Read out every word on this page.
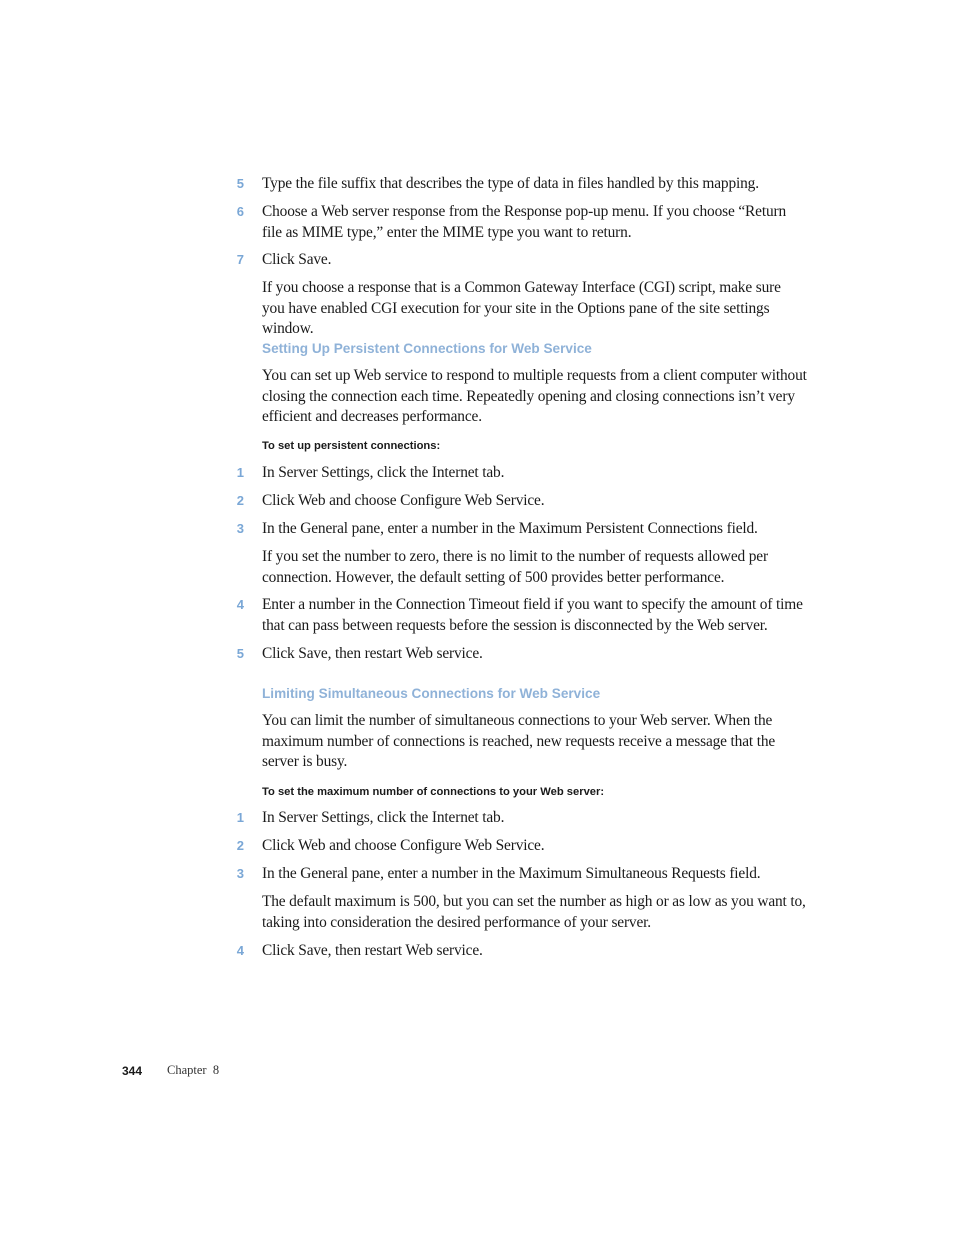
5 Type the file suffix that describes the type of data in files handled by this mapping.
6 Choose a Web server response from the Response pop-up menu. If you choose “Return file as MIME type,” enter the MIME type you want to return.
7 Click Save.
If you choose a response that is a Common Gateway Interface (CGI) script, make sure you have enabled CGI execution for your site in the Options pane of the site settings window.
Setting Up Persistent Connections for Web Service
You can set up Web service to respond to multiple requests from a client computer without closing the connection each time. Repeatedly opening and closing connections isn’t very efficient and decreases performance.
To set up persistent connections:
1 In Server Settings, click the Internet tab.
2 Click Web and choose Configure Web Service.
3 In the General pane, enter a number in the Maximum Persistent Connections field.
If you set the number to zero, there is no limit to the number of requests allowed per connection. However, the default setting of 500 provides better performance.
4 Enter a number in the Connection Timeout field if you want to specify the amount of time that can pass between requests before the session is disconnected by the Web server.
5 Click Save, then restart Web service.
Limiting Simultaneous Connections for Web Service
You can limit the number of simultaneous connections to your Web server. When the maximum number of connections is reached, new requests receive a message that the server is busy.
To set the maximum number of connections to your Web server:
1 In Server Settings, click the Internet tab.
2 Click Web and choose Configure Web Service.
3 In the General pane, enter a number in the Maximum Simultaneous Requests field.
The default maximum is 500, but you can set the number as high or as low as you want to, taking into consideration the desired performance of your server.
4 Click Save, then restart Web service.
344 Chapter  8
